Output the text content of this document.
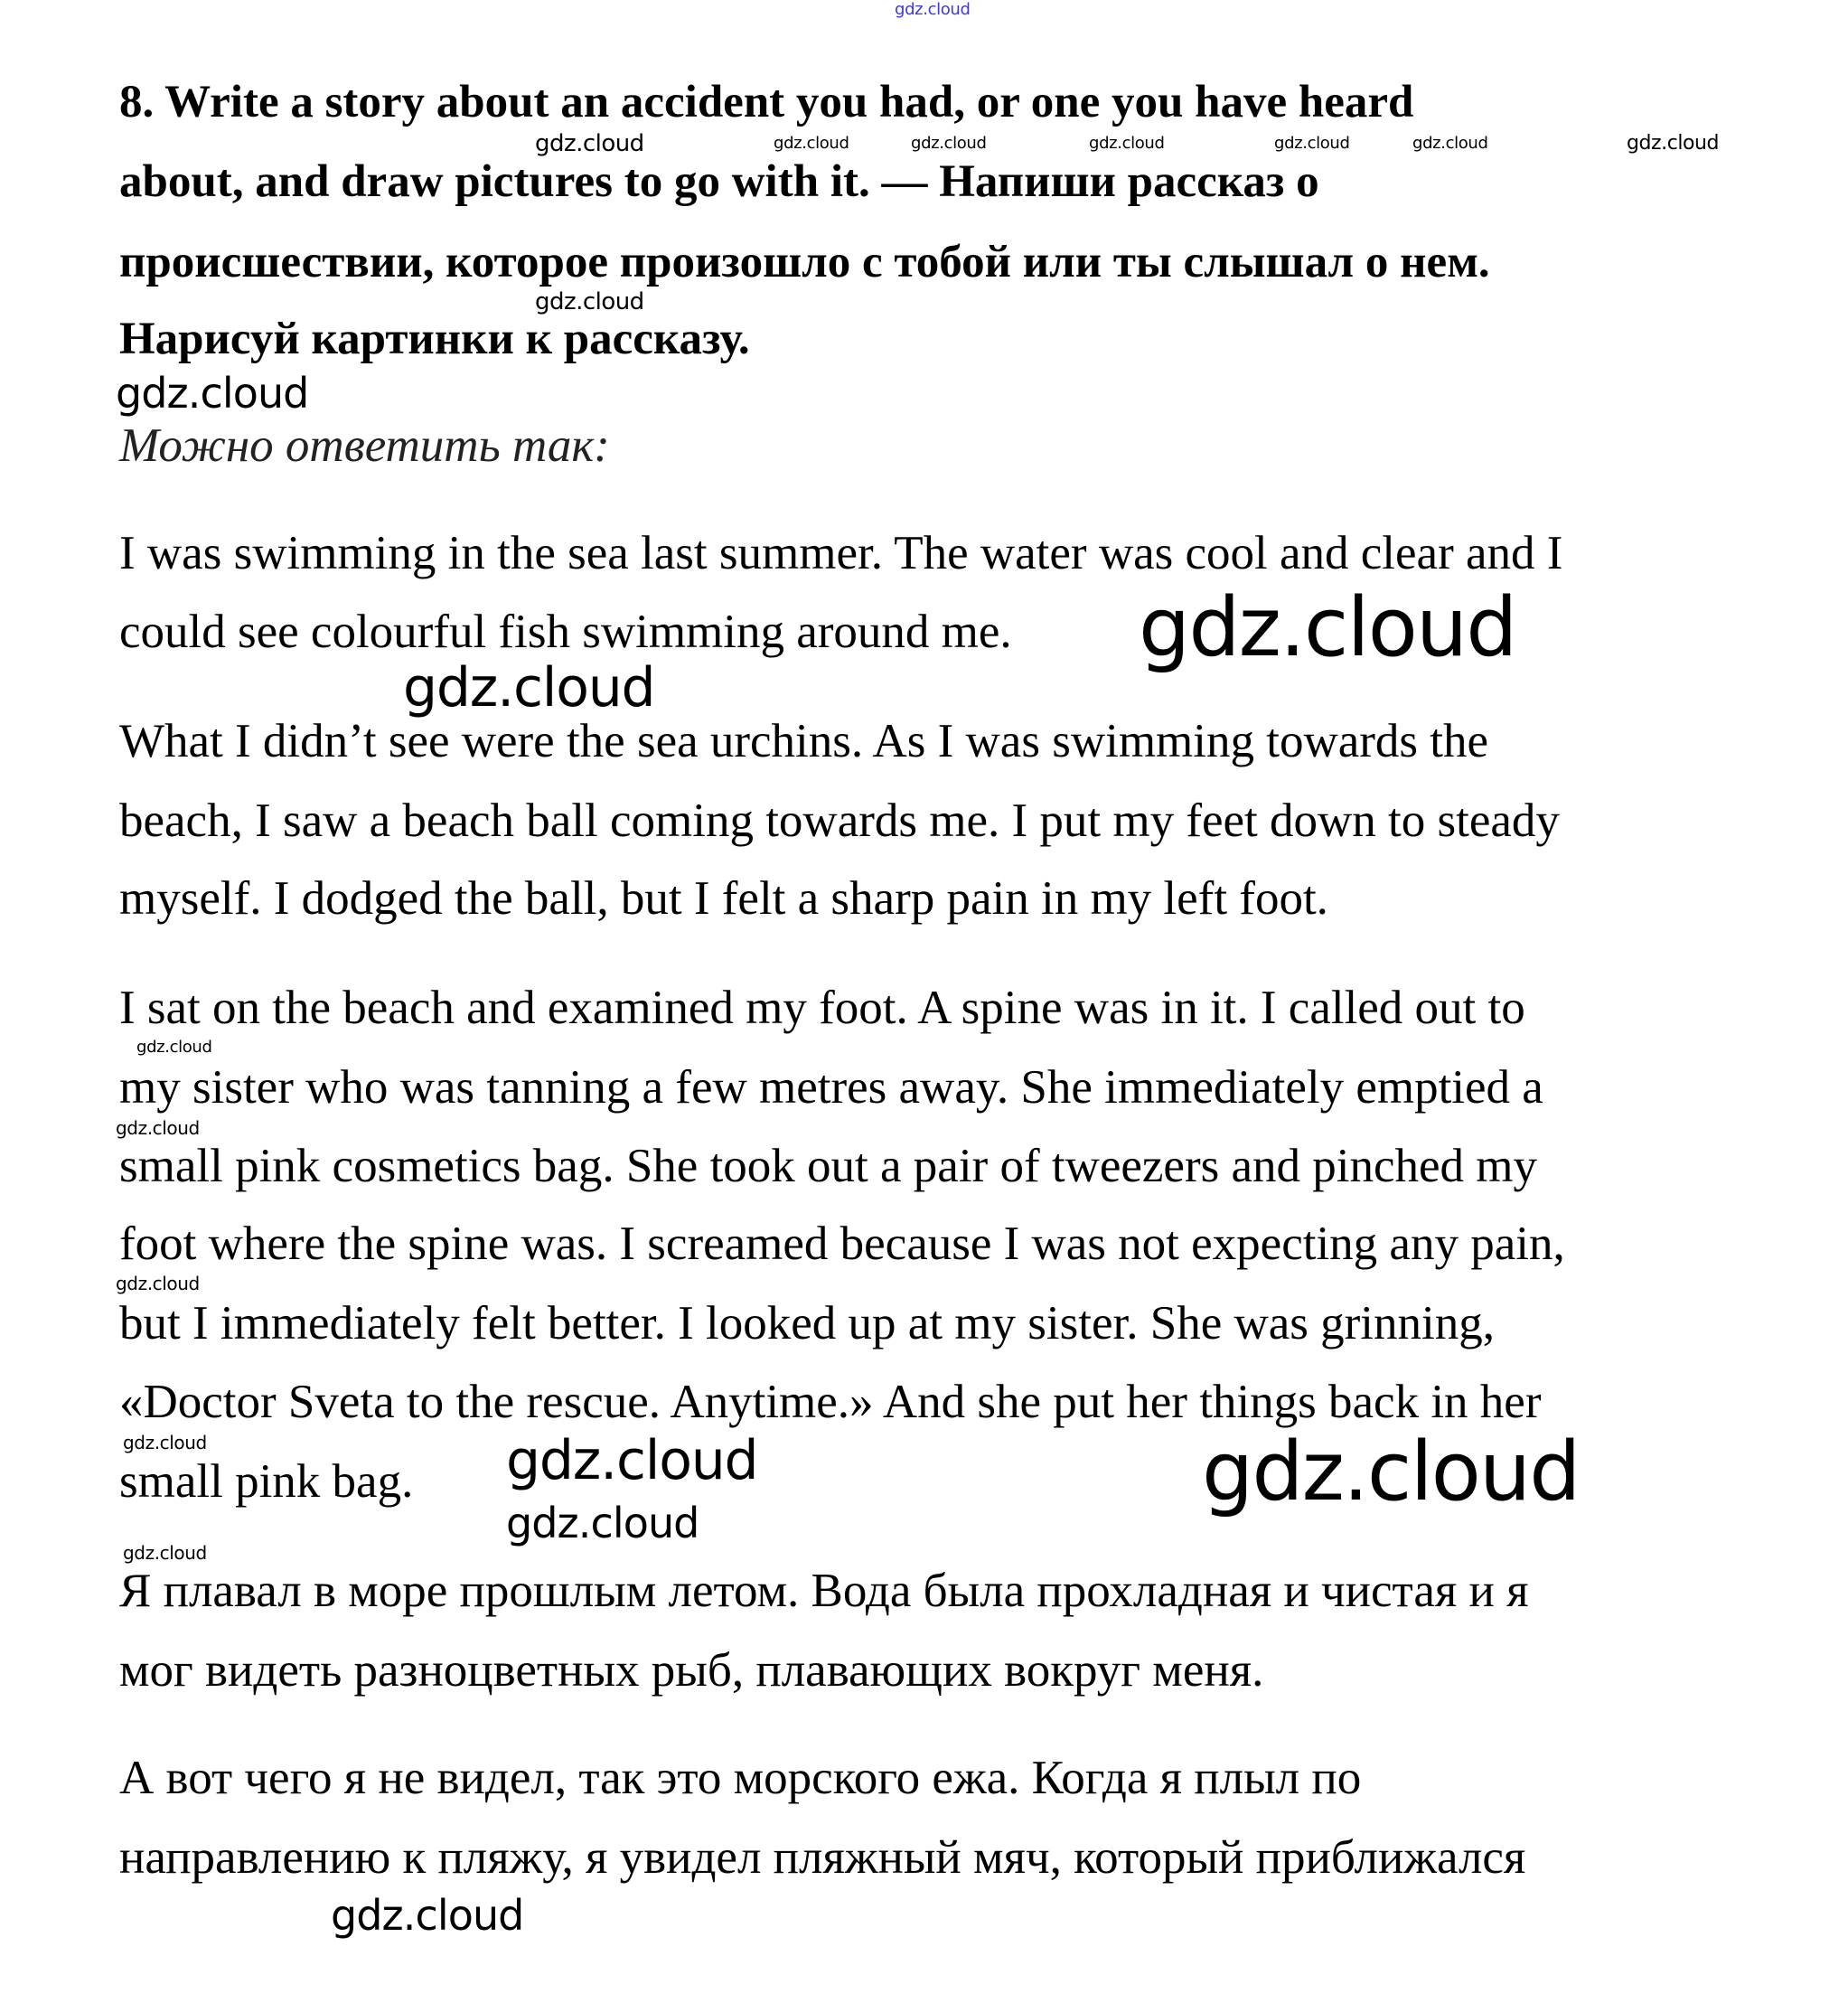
gdz.cloud
8. Write a story about an accident you had, or one you have heard
about, and draw pictures to go with it. — Напиши рассказ о
происшествии, которое произошло с тобой или ты слышал о нем.
Нарисуй картинки к рассказу.
Можно ответить так:
I was swimming in the sea last summer. The water was cool and clear and I
could see colourful fish swimming around me.
What I didn’t see were the sea urchins. As I was swimming towards the
beach, I saw a beach ball coming towards me. I put my feet down to steady
myself. I dodged the ball, but I felt a sharp pain in my left foot.
I sat on the beach and examined my foot. A spine was in it. I called out to
my sister who was tanning a few metres away. She immediately emptied a
small pink cosmetics bag. She took out a pair of tweezers and pinched my
foot where the spine was. I screamed because I was not expecting any pain,
but I immediately felt better. I looked up at my sister. She was grinning,
«Doctor Sveta to the rescue. Anytime.» And she put her things back in her
small pink bag.
Я плавал в море прошлым летом. Вода была прохладная и чистая и я
мог видеть разноцветных рыб, плавающих вокруг меня.
А вот чего я не видел, так это морского ежа. Когда я плыл по
направлению к пляжу, я увидел пляжный мяч, который приближался
gdz.cloud	gdz.cloud	gdz.cloud	gdz.cloud	gdz.cloud	gdz.cloud	gdz.cloud
gdz.cloud
gdz.cloud
gdz.cloud
gdz.cloud
gdz.cloud
gdz.cloud
gdz.cloud
gdz.cloud
gdz.cloud	gdz.cloud	gdz.cloud
gdz.cloud
gdz.cloud
